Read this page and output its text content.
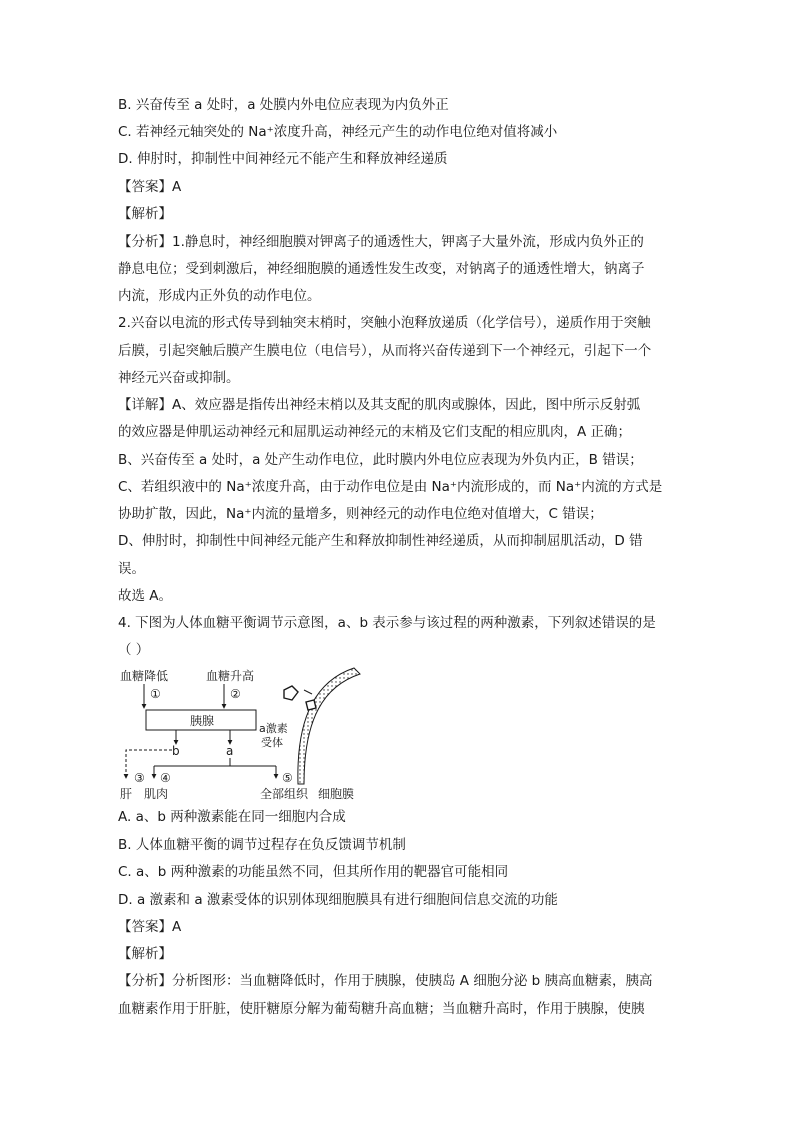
B. 兴奋传至 a 处时，a 处膜内外电位应表现为内负外正
C. 若神经元轴突处的 Na⁺浓度升高，神经元产生的动作电位绝对值将减小
D. 伸肘时，抑制性中间神经元不能产生和释放神经递质
【答案】A
【解析】
【分析】1.静息时，神经细胞膜对钾离子的通透性大，钾离子大量外流，形成内负外正的
静息电位；受到刺激后，神经细胞膜的通透性发生改变，对钠离子的通透性增大，钠离子
内流，形成内正外负的动作电位。
2.兴奋以电流的形式传导到轴突末梢时，突触小泡释放递质（化学信号），递质作用于突触
后膜，引起突触后膜产生膜电位（电信号），从而将兴奋传递到下一个神经元，引起下一个
神经元兴奋或抑制。
【详解】A、效应器是指传出神经末梢以及其支配的肌肉或腺体，因此，图中所示反射弧
的效应器是伸肌运动神经元和屈肌运动神经元的末梢及它们支配的相应肌肉，A 正确；
B、兴奋传至 a 处时，a 处产生动作电位，此时膜内外电位应表现为外负内正，B 错误；
C、若组织液中的 Na⁺浓度升高，由于动作电位是由 Na⁺内流形成的，而 Na⁺内流的方式是
协助扩散，因此，Na⁺内流的量增多，则神经元的动作电位绝对值增大，C 错误；
D、伸肘时，抑制性中间神经元能产生和释放抑制性神经递质，从而抑制屈肌活动，D 错
误。
故选 A。
4. 下图为人体血糖平衡调节示意图，a、b 表示参与该过程的两种激素，下列叙述错误的是
（ ）
血糖降低	血糖升高
①	②
胰腺
b	a
③ ④	⑤
肝 肌肉	全部组织
a激素
受体
细胞膜
A. a、b 两种激素能在同一细胞内合成
B. 人体血糖平衡的调节过程存在负反馈调节机制
C. a、b 两种激素的功能虽然不同，但其所作用的靶器官可能相同
D. a 激素和 a 激素受体的识别体现细胞膜具有进行细胞间信息交流的功能
【答案】A
【解析】
【分析】分析图形：当血糖降低时，作用于胰腺，使胰岛 A 细胞分泌 b 胰高血糖素，胰高
血糖素作用于肝脏，使肝糖原分解为葡萄糖升高血糖；当血糖升高时，作用于胰腺，使胰
